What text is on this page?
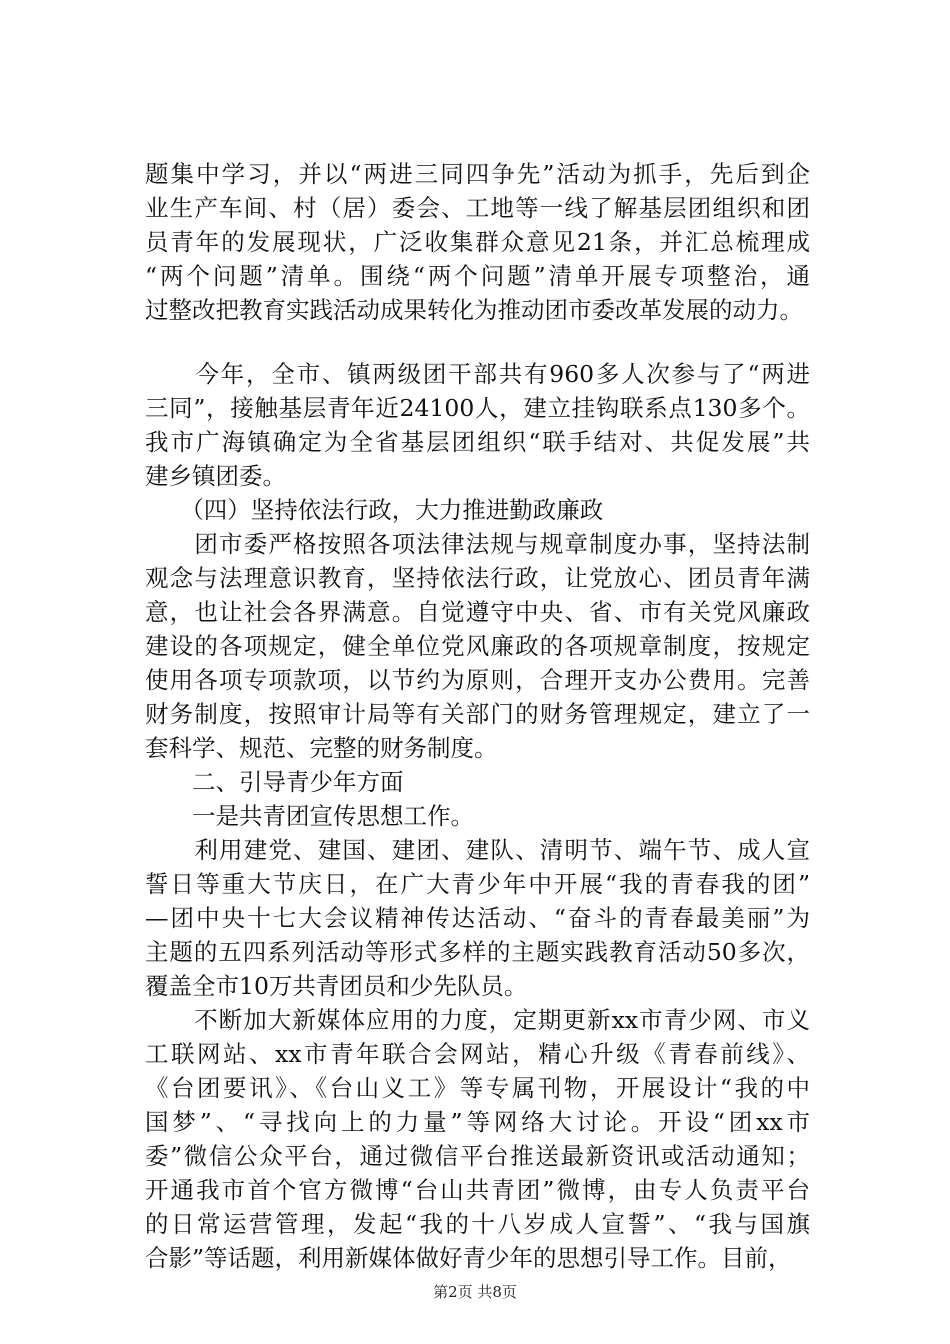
题集中学习，并以“两进三同四争先”活动为抓手，先后到企
业生产车间、村（居）委会、工地等一线了解基层团组织和团
员青年的发展现状，广泛收集群众意见21条，并汇总梳理成
“两个问题”清单。围绕“两个问题”清单开展专项整治，通
过整改把教育实践活动成果转化为推动团市委改革发展的动力。
　　今年，全市、镇两级团干部共有960多人次参与了“两进
三同”，接触基层青年近24100人，建立挂钩联系点130多个。
我市广海镇确定为全省基层团组织“联手结对、共促发展”共
建乡镇团委。
　　（四）坚持依法行政，大力推进勤政廉政
　　团市委严格按照各项法律法规与规章制度办事，坚持法制
观念与法理意识教育，坚持依法行政，让党放心、团员青年满
意，也让社会各界满意。自觉遵守中央、省、市有关党风廉政
建设的各项规定，健全单位党风廉政的各项规章制度，按规定
使用各项专项款项，以节约为原则，合理开支办公费用。完善
财务制度，按照审计局等有关部门的财务管理规定，建立了一
套科学、规范、完整的财务制度。
　　二、引导青少年方面
　　一是共青团宣传思想工作。
　　利用建党、建国、建团、建队、清明节、端午节、成人宣
誓日等重大节庆日，在广大青少年中开展“我的青春我的团”
—团中央十七大会议精神传达活动、“奋斗的青春最美丽”为
主题的五四系列活动等形式多样的主题实践教育活动50多次，
覆盖全市10万共青团员和少先队员。
　　不断加大新媒体应用的力度，定期更新xx市青少网、市义
工联网站、xx市青年联合会网站，精心升级《青春前线》、
《台团要讯》、《台山义工》等专属刊物，开展设计“我的中
国梦”、“寻找向上的力量”等网络大讨论。开设“团xx市
委”微信公众平台，通过微信平台推送最新资讯或活动通知；
开通我市首个官方微博“台山共青团”微博，由专人负责平台
的日常运营管理，发起“我的十八岁成人宣誓”、“我与国旗
合影”等话题，利用新媒体做好青少年的思想引导工作。目前，
第2页 共8页
